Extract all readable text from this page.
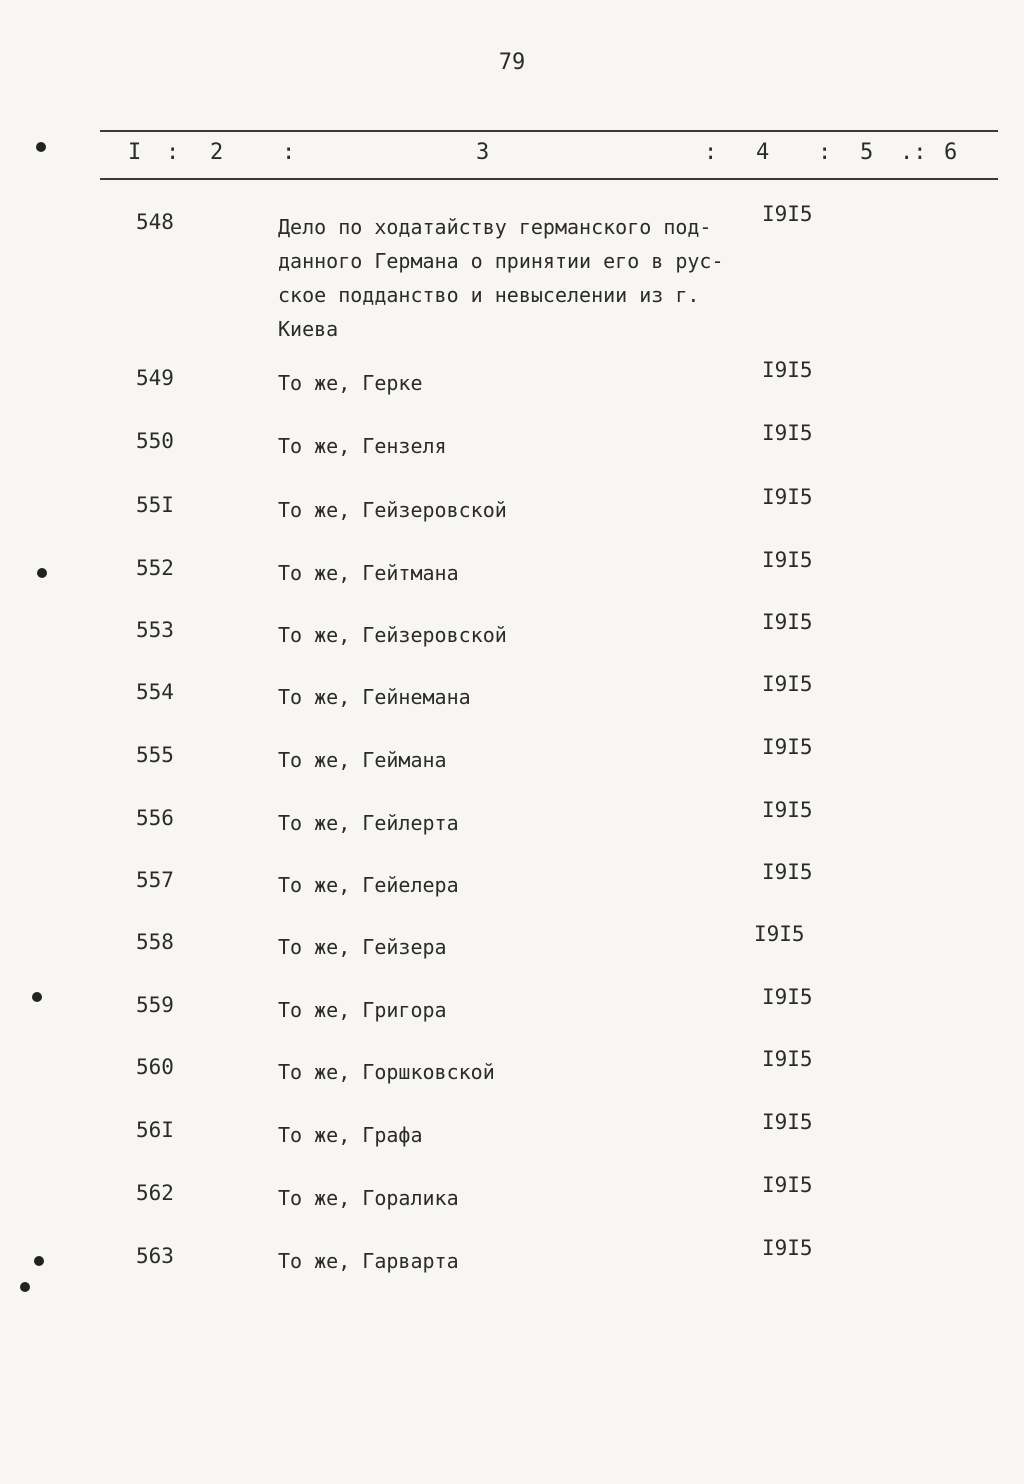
79
I : 2	:	3	: 4 : 5 .: 6
548	Дело по ходатайству германского под-
данного Германа о принятии его в рус-
ское подданство и невыселении из г.
Киева
I9I5
549	То же, Герке
I9I5
550	То же, Гензеля
I9I5
55I	То же, Гейзеровской
I9I5
552	То же, Гейтмана
I9I5
553	То же, Гейзеровской
I9I5
554	То же, Гейнемана
I9I5
555	То же, Геймана
I9I5
556	То же, Гейлерта
I9I5
557	То же, Гейелера
I9I5
558	То же, Гейзера
I9I5
559	То же, Григора
I9I5
560	То же, Горшковской
I9I5
56I	То же, Графа
I9I5
562	То же, Горалика
I9I5
563	То же, Гарварта
I9I5
